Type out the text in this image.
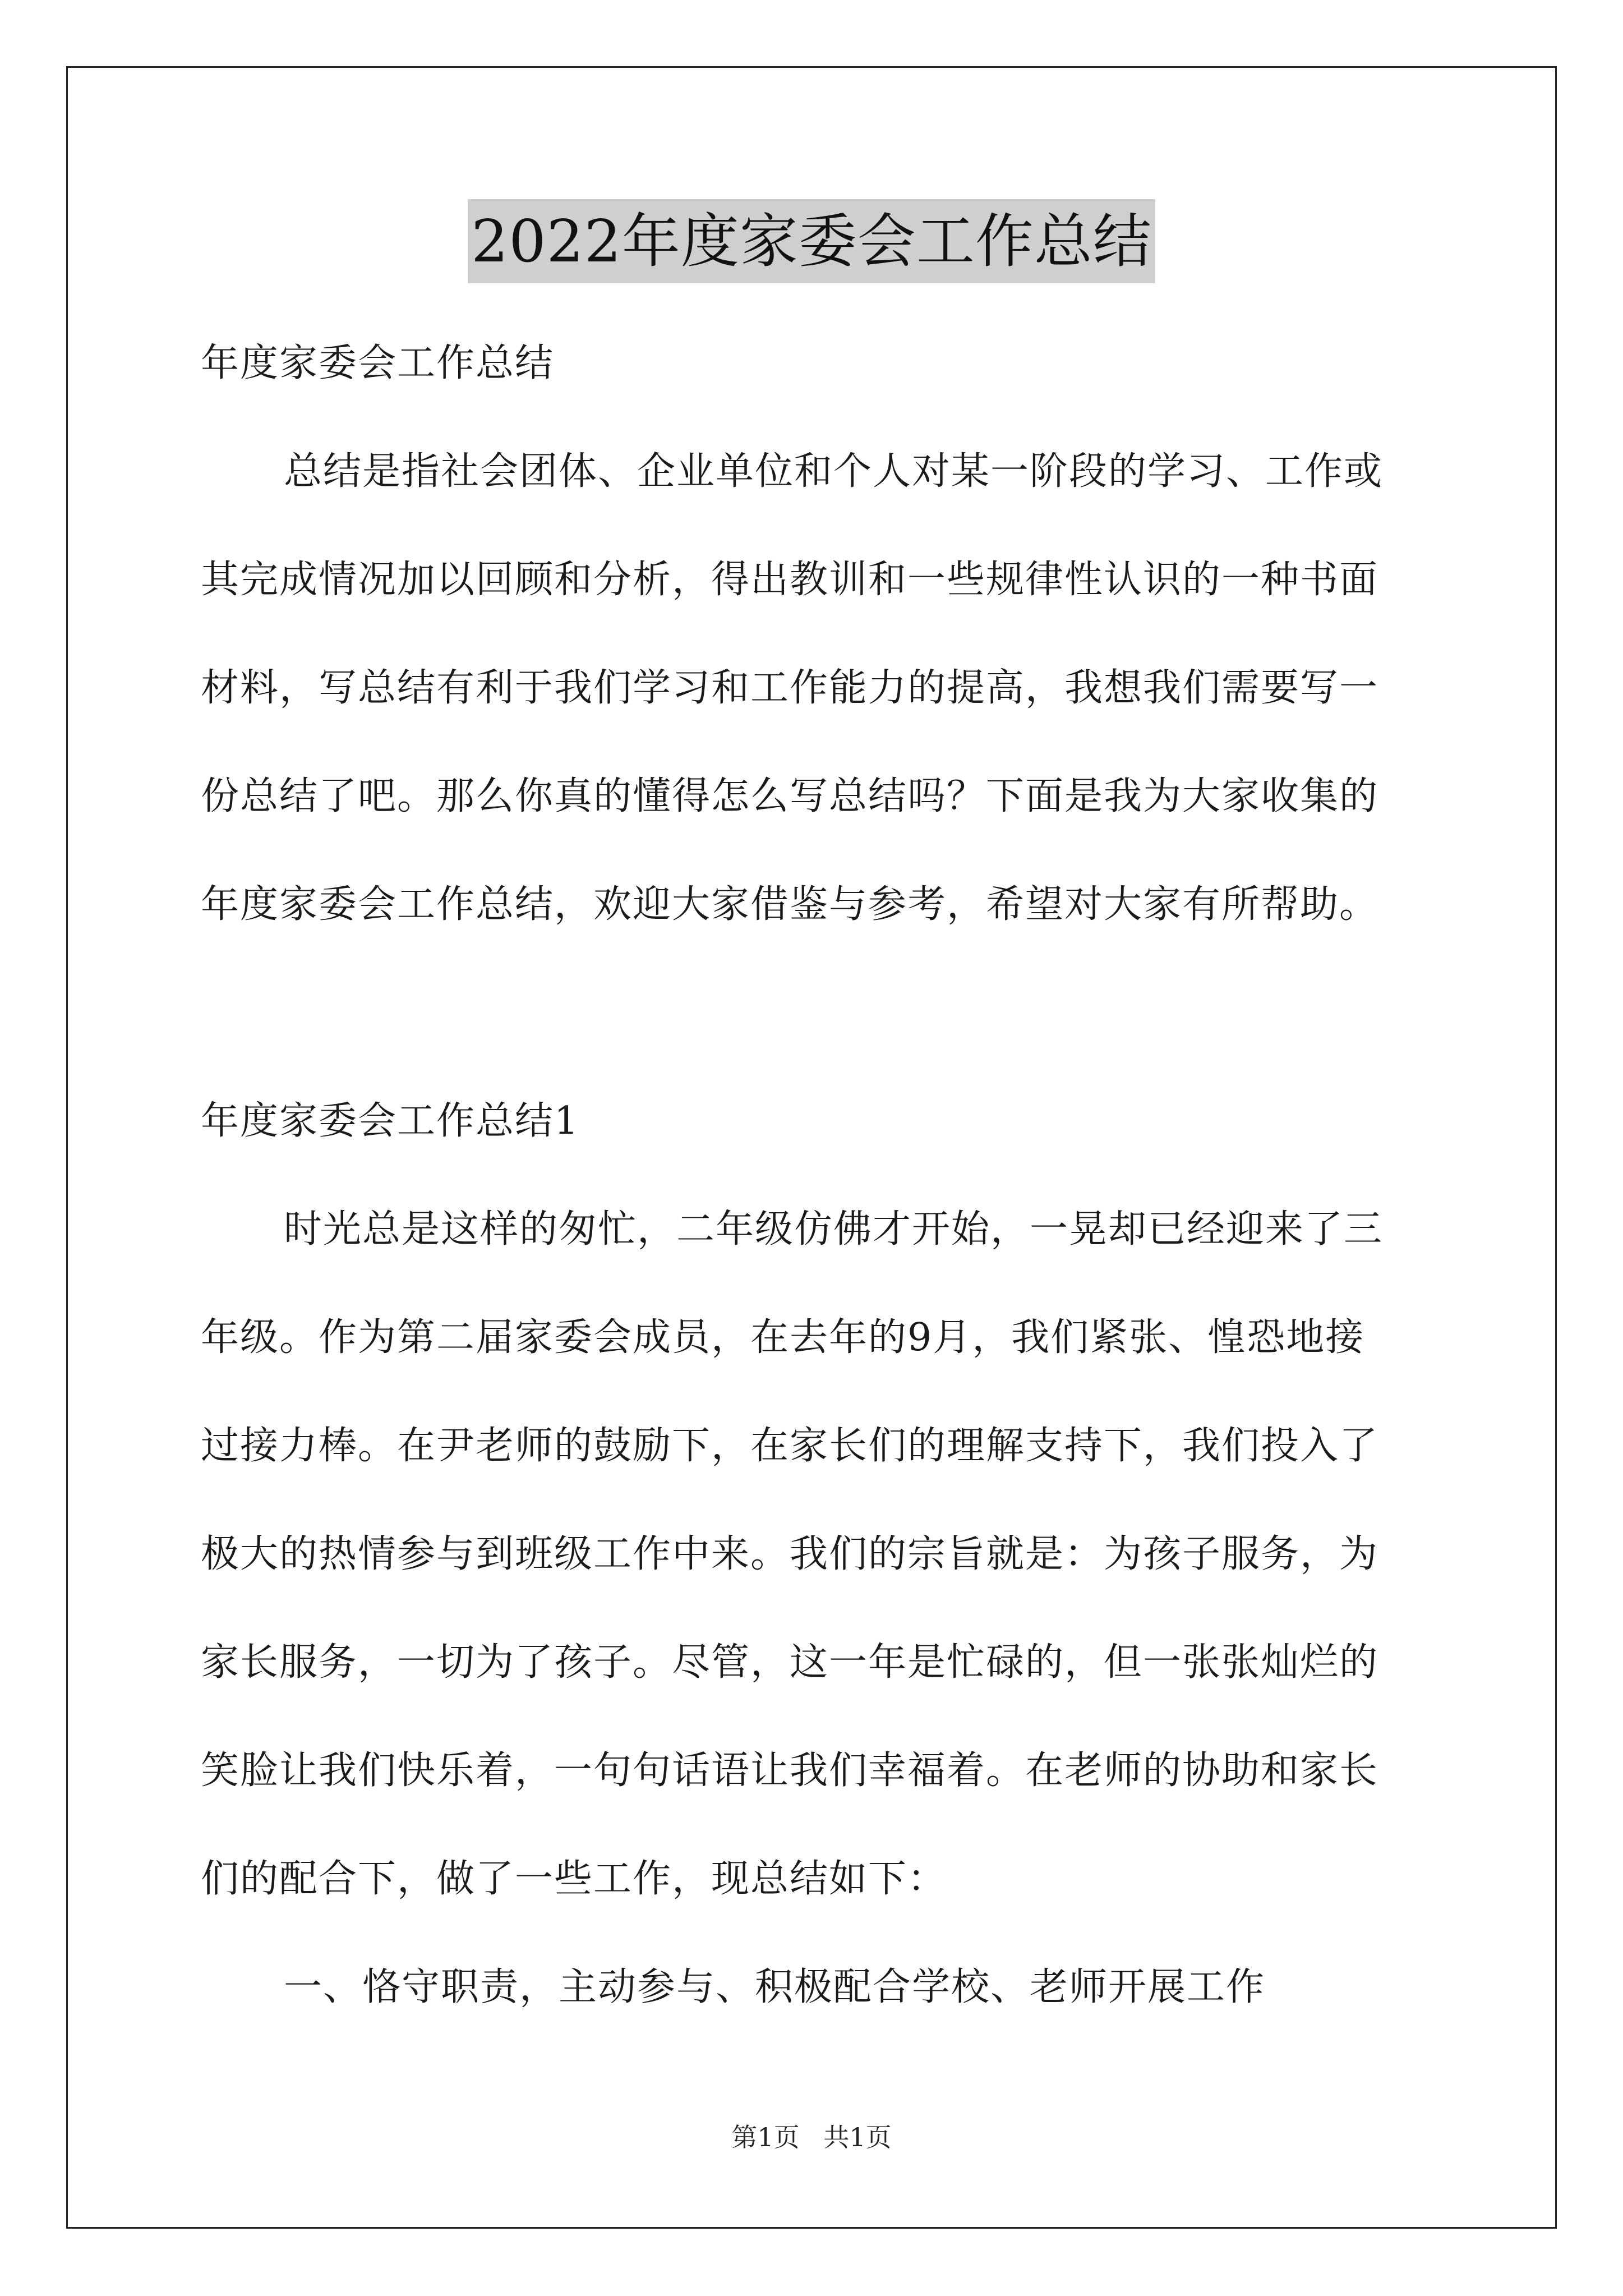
2022年度家委会工作总结
年度家委会工作总结
总结是指社会团体、企业单位和个人对某一阶段的学习、工作或
其完成情况加以回顾和分析，得出教训和一些规律性认识的一种书面
材料，写总结有利于我们学习和工作能力的提高，我想我们需要写一
份总结了吧。那么你真的懂得怎么写总结吗？下面是我为大家收集的
年度家委会工作总结，欢迎大家借鉴与参考，希望对大家有所帮助。
年度家委会工作总结1
时光总是这样的匆忙，二年级仿佛才开始，一晃却已经迎来了三
年级。作为第二届家委会成员，在去年的9月，我们紧张、惶恐地接
过接力棒。在尹老师的鼓励下，在家长们的理解支持下，我们投入了
极大的热情参与到班级工作中来。我们的宗旨就是：为孩子服务，为
家长服务，一切为了孩子。尽管，这一年是忙碌的，但一张张灿烂的
笑脸让我们快乐着，一句句话语让我们幸福着。在老师的协助和家长
们的配合下，做了一些工作，现总结如下：
一、恪守职责，主动参与、积极配合学校、老师开展工作
第1页 共1页
